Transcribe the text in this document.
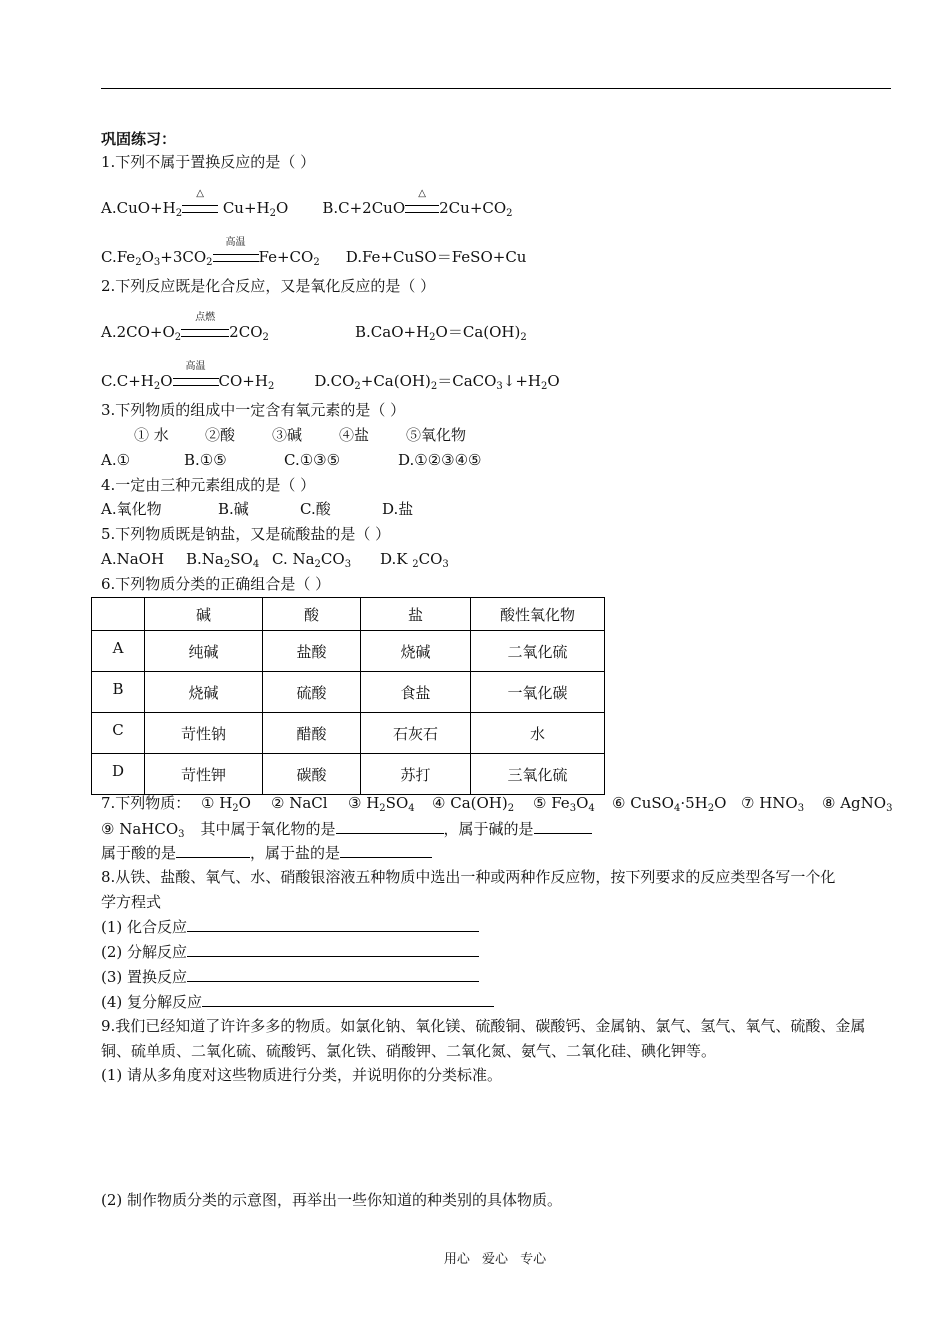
巩固练习：
1.下列不属于置换反应的是（ ）
$A.CuO+H_2$
△
$Cu+H_2O$ B.C+2CuO
△
$2Cu+CO_2$
$C.Fe_2O_3+3CO_2$
高温
$Fe+CO_2$ D.Fe+CuSO＝FeSO+Cu
2.下列反应既是化合反应，又是氧化反应的是（ ）
$A.2CO+O_2$
点燃
$2CO_2$	$B.CaO+H_2O=Ca(OH)_2$
$C.C+H_2O$
高温
$CO+H_2$	$D.CO_2+Ca(OH)_2=CaCO_3↓+H_2O$
3.下列物质的组成中一定含有氧元素的是（ ）
① 水 ②酸 ③碱 ④盐 ⑤氧化物
A.①	B.①⑤	C.①③⑤	D.①②③④⑤
4.一定由三种元素组成的是（ ）
A.氧化物	B.碱	C.酸	D.盐
5.下列物质既是钠盐，又是硫酸盐的是（ ）
A.NaOH $B.Na_2SO_4$ C. $Na_2CO_3$ D.K $_2CO_3$
6.下列物质分类的正确组合是（ ）
	碱	酸	盐	酸性氧化物
A	纯碱	盐酸	烧碱	二氧化硫
B	烧碱	硫酸	食盐	一氧化碳
C	苛性钠	醋酸	石灰石	水
D	苛性钾	碳酸	苏打	三氧化硫
7.下列物质： ① $H_2O$ ② NaCl ③ $H_2SO_4$ ④ $Ca(OH)_2$ ⑤ $Fe_3O_4$ ⑥ $CuSO_4\cdot 5H_2O$ ⑦ $HNO_3$ ⑧ AgNO$_3$
⑨ NaHCO$_3$ 其中属于氧化物的是	，属于碱的是
属于酸的是	，属于盐的是
8.从铁、盐酸、氧气、水、硝酸银溶液五种物质中选出一种或两种作反应物，按下列要求的反应类型各写一个化
学方程式
(1) 化合反应
(2) 分解反应
(3) 置换反应
(4) 复分解反应
9.我们已经知道了许许多多的物质。如氯化钠、氧化镁、硫酸铜、碳酸钙、金属钠、氯气、氢气、氧气、硫酸、金属
铜、硫单质、二氧化硫、硫酸钙、氯化铁、硝酸钾、二氧化氮、氨气、二氧化硅、碘化钾等。
(1) 请从多角度对这些物质进行分类，并说明你的分类标准。
(2) 制作物质分类的示意图，再举出一些你知道的种类别的具体物质。
用心 爱心 专心
